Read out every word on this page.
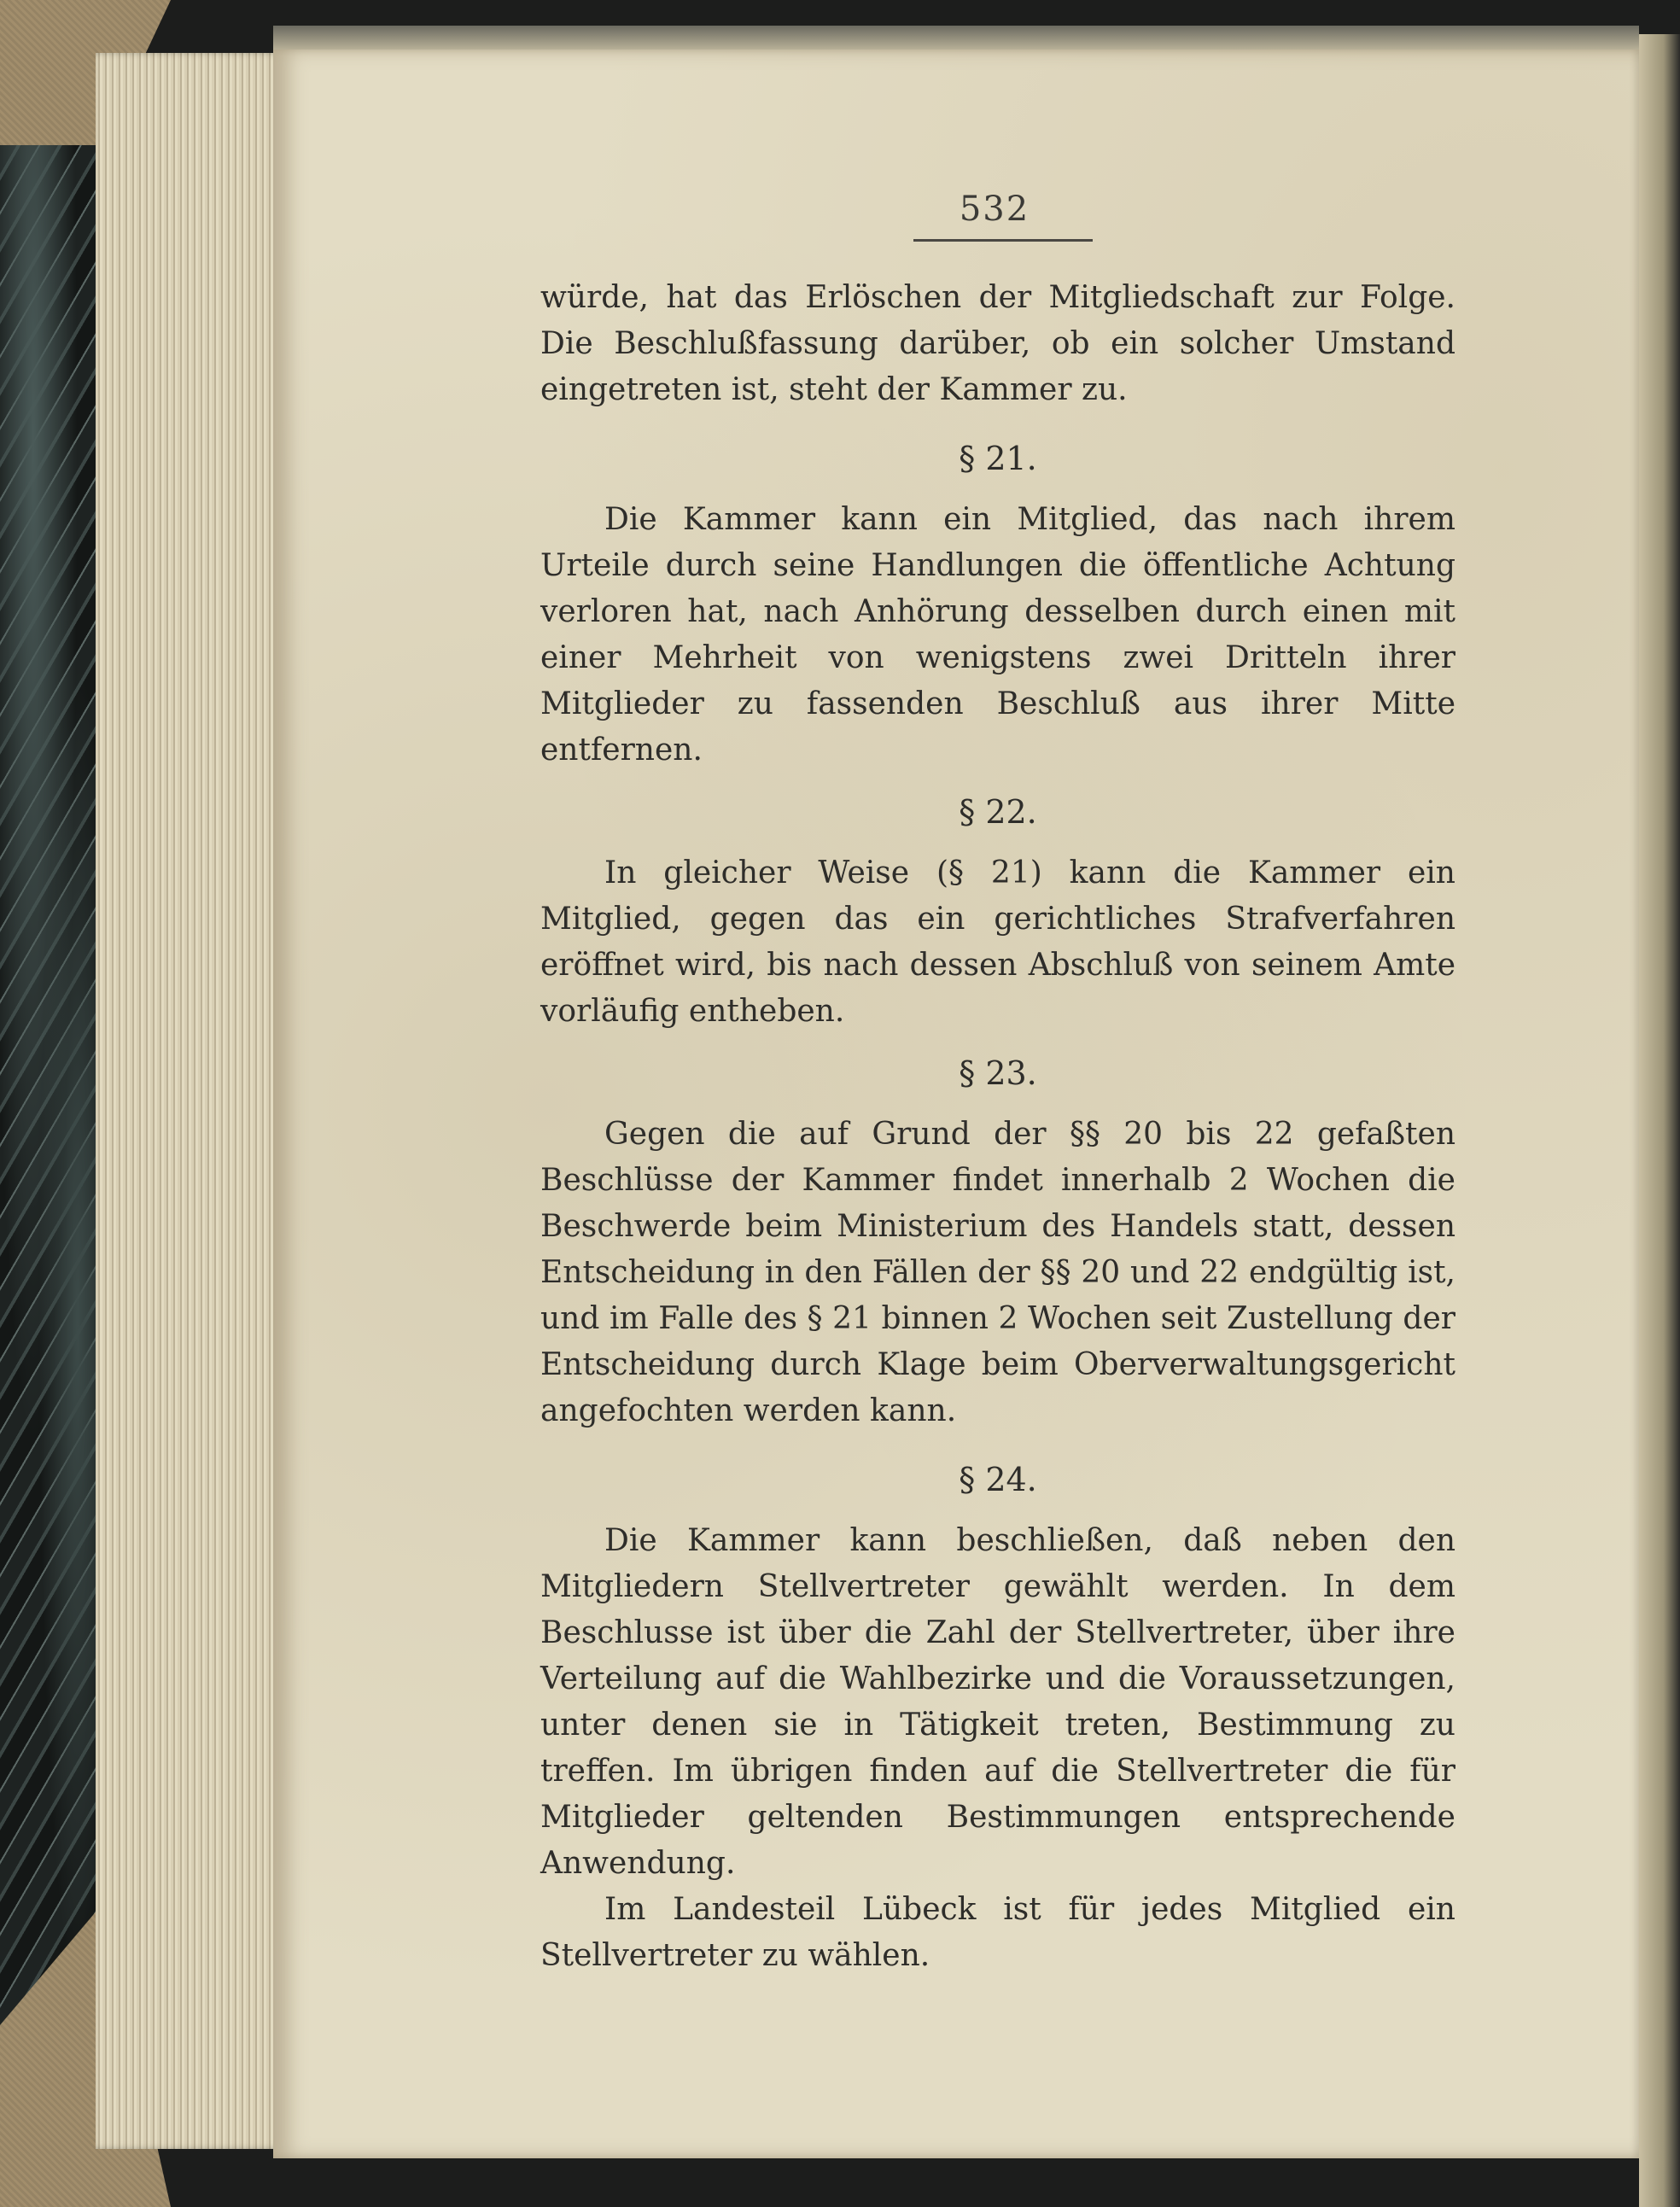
532

würde, hat das Erlöschen der Mitgliedschaft zur Folge. Die Beschlußfassung darüber, ob ein solcher Umstand eingetreten ist, steht der Kammer zu.

§ 21.

Die Kammer kann ein Mitglied, das nach ihrem Urteile durch seine Handlungen die öffentliche Achtung verloren hat, nach Anhörung desselben durch einen mit einer Mehrheit von wenigstens zwei Dritteln ihrer Mitglieder zu fassenden Beschluß aus ihrer Mitte entfernen.

§ 22.

In gleicher Weise (§ 21) kann die Kammer ein Mitglied, gegen das ein gerichtliches Strafverfahren eröffnet wird, bis nach dessen Abschluß von seinem Amte vorläufig entheben.

§ 23.

Gegen die auf Grund der §§ 20 bis 22 gefaßten Beschlüsse der Kammer findet innerhalb 2 Wochen die Beschwerde beim Ministerium des Handels statt, dessen Entscheidung in den Fällen der §§ 20 und 22 endgültig ist, und im Falle des § 21 binnen 2 Wochen seit Zustellung der Entscheidung durch Klage beim Oberverwaltungsgericht angefochten werden kann.

§ 24.

Die Kammer kann beschließen, daß neben den Mitgliedern Stellvertreter gewählt werden. In dem Beschlusse ist über die Zahl der Stellvertreter, über ihre Verteilung auf die Wahlbezirke und die Voraussetzungen, unter denen sie in Tätigkeit treten, Bestimmung zu treffen. Im übrigen finden auf die Stellvertreter die für Mitglieder geltenden Bestimmungen entsprechende Anwendung.

Im Landesteil Lübeck ist für jedes Mitglied ein Stellvertreter zu wählen.
